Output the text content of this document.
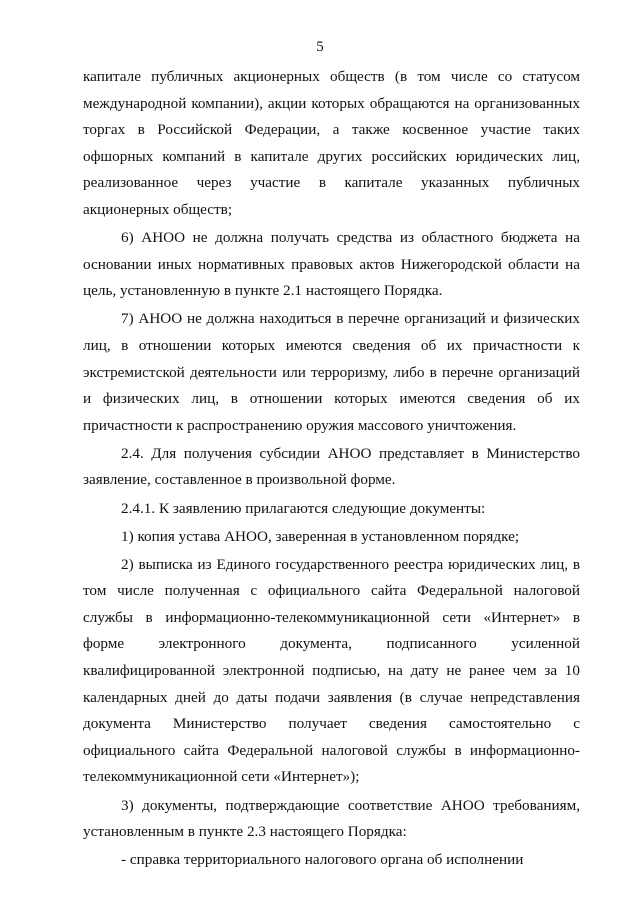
5

капитале публичных акционерных обществ (в том числе со статусом международной компании), акции которых обращаются на организованных торгах в Российской Федерации, а также косвенное участие таких офшорных компаний в капитале других российских юридических лиц, реализованное через участие в капитале указанных публичных акционерных обществ;

6) АНОО не должна получать средства из областного бюджета на основании иных нормативных правовых актов Нижегородской области на цель, установленную в пункте 2.1 настоящего Порядка.

7) АНОО не должна находиться в перечне организаций и физических лиц, в отношении которых имеются сведения об их причастности к экстремистской деятельности или терроризму, либо в перечне организаций и физических лиц, в отношении которых имеются сведения об их причастности к распространению оружия массового уничтожения.

2.4. Для получения субсидии АНОО представляет в Министерство заявление, составленное в произвольной форме.

2.4.1. К заявлению прилагаются следующие документы:

1) копия устава АНОО, заверенная в установленном порядке;

2) выписка из Единого государственного реестра юридических лиц, в том числе полученная с официального сайта Федеральной налоговой службы в информационно-телекоммуникационной сети «Интернет» в форме электронного документа, подписанного усиленной квалифицированной электронной подписью, на дату не ранее чем за 10 календарных дней до даты подачи заявления (в случае непредставления документа Министерство получает сведения самостоятельно с официального сайта Федеральной налоговой службы в информационно-телекоммуникационной сети «Интернет»);

3) документы, подтверждающие соответствие АНОО требованиям, установленным в пункте 2.3 настоящего Порядка:

- справка территориального налогового органа об исполнении
